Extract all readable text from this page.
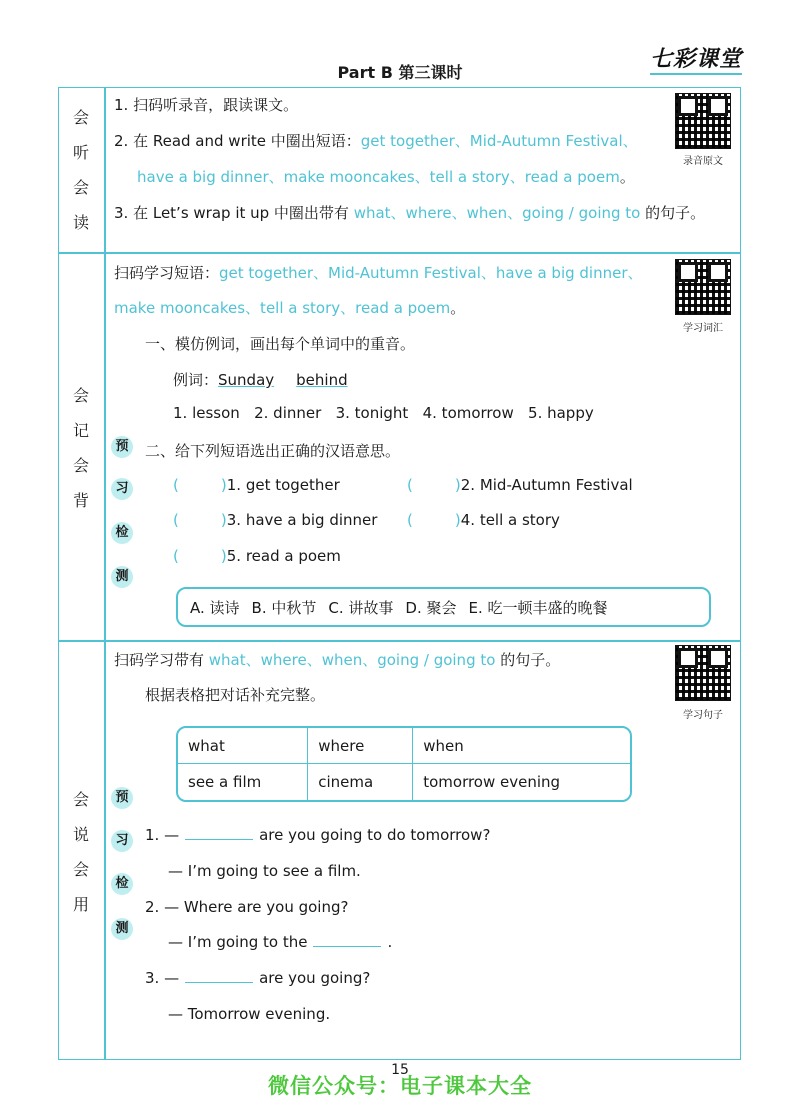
Part B 第三课时
七彩课堂
会
听
会
读
录音原文
1. 扫码听录音，跟读课文。
2. 在 Read and write 中圈出短语：get together、Mid-Autumn Festival、
have a big dinner、make mooncakes、tell a story、read a poem。
3. 在 Let’s wrap it up 中圈出带有 what、where、when、going / going to 的句子。
会
记
会
背
学习词汇
扫码学习短语：get together、Mid-Autumn Festival、have a big dinner、
make mooncakes、tell a story、read a poem。
一、模仿例词，画出每个单词中的重音。
例词：Sunday behind
1. lesson   2. dinner   3. tonight   4. tomorrow   5. happy
二、给下列短语选出正确的汉语意思。
预
习
检
测
(	)1. get together	(	)2. Mid-Autumn Festival
(	)3. have a big dinner (	)4. tell a story
(	)5. read a poem
A. 读诗 B. 中秋节 C. 讲故事 D. 聚会 E. 吃一顿丰盛的晚餐
会
说
会
用
学习句子
扫码学习带有 what、where、when、going / going to 的句子。
根据表格把对话补充完整。
what	where	when
see a film	cinema	tomorrow evening
预
习
检
测
1. —	are you going to do tomorrow?
— I’m going to see a film.
2. — Where are you going?
— I’m going to the	.
3. —	are you going?
— Tomorrow evening.
15
微信公众号：电子课本大全
